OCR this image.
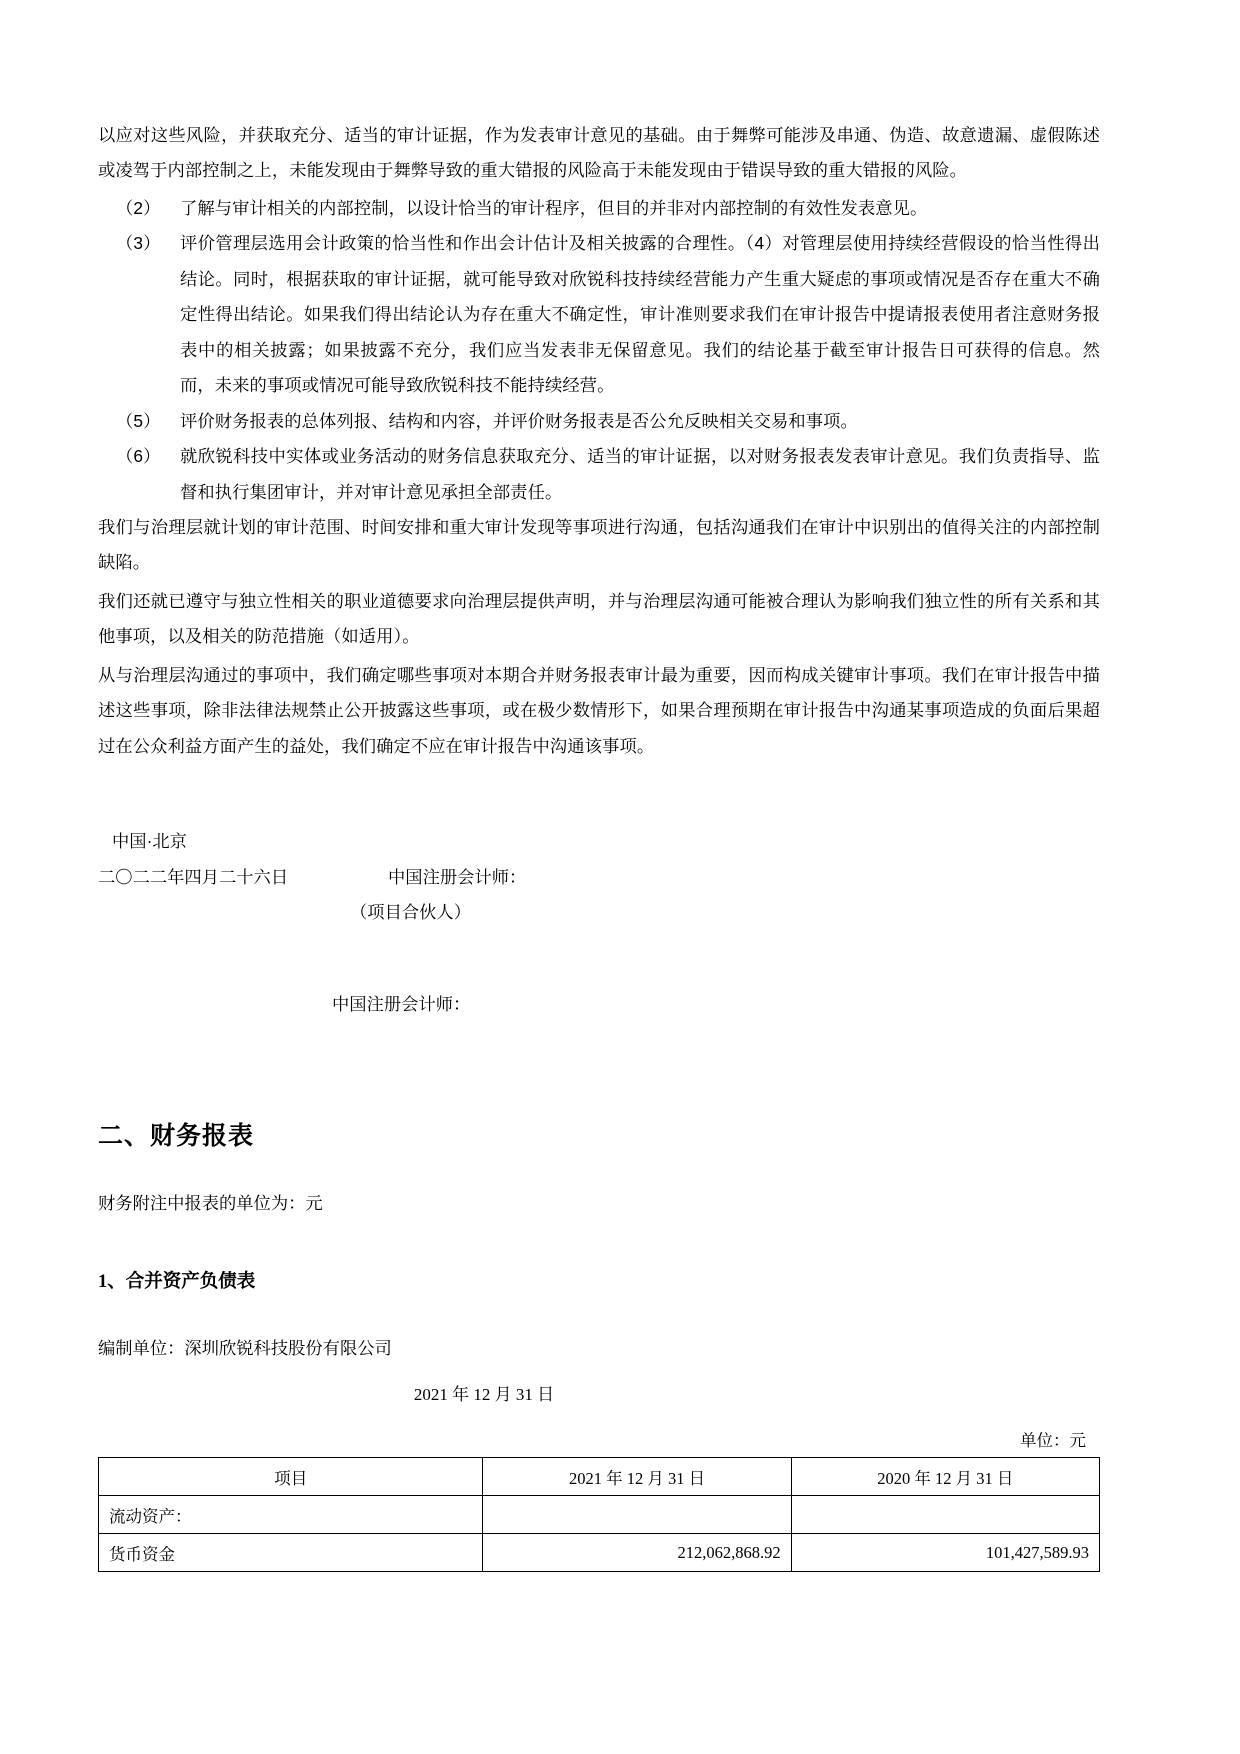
以应对这些风险，并获取充分、适当的审计证据，作为发表审计意见的基础。由于舞弊可能涉及串通、伪造、故意遗漏、虚假陈述或凌驾于内部控制之上，未能发现由于舞弊导致的重大错报的风险高于未能发现由于错误导致的重大错报的风险。

（2）	了解与审计相关的内部控制，以设计恰当的审计程序，但目的并非对内部控制的有效性发表意见。
（3）	评价管理层选用会计政策的恰当性和作出会计估计及相关披露的合理性。（4）对管理层使用持续经营假设的恰当性得出结论。同时，根据获取的审计证据，就可能导致对欣锐科技持续经营能力产生重大疑虑的事项或情况是否存在重大不确定性得出结论。如果我们得出结论认为存在重大不确定性，审计准则要求我们在审计报告中提请报表使用者注意财务报表中的相关披露；如果披露不充分，我们应当发表非无保留意见。我们的结论基于截至审计报告日可获得的信息。然而，未来的事项或情况可能导致欣锐科技不能持续经营。
（5）	评价财务报表的总体列报、结构和内容，并评价财务报表是否公允反映相关交易和事项。
（6）	就欣锐科技中实体或业务活动的财务信息获取充分、适当的审计证据，以对财务报表发表审计意见。我们负责指导、监督和执行集团审计，并对审计意见承担全部责任。

我们与治理层就计划的审计范围、时间安排和重大审计发现等事项进行沟通，包括沟通我们在审计中识别出的值得关注的内部控制缺陷。

我们还就已遵守与独立性相关的职业道德要求向治理层提供声明，并与治理层沟通可能被合理认为影响我们独立性的所有关系和其他事项，以及相关的防范措施（如适用）。

从与治理层沟通过的事项中，我们确定哪些事项对本期合并财务报表审计最为重要，因而构成关键审计事项。我们在审计报告中描述这些事项，除非法律法规禁止公开披露这些事项，或在极少数情形下，如果合理预期在审计报告中沟通某事项造成的负面后果超过在公众利益方面产生的益处，我们确定不应在审计报告中沟通该事项。

中国·北京
二〇二二年四月二十六日	中国注册会计师：
（项目合伙人）
中国注册会计师：
二、财务报表
财务附注中报表的单位为：元
1、合并资产负债表
编制单位：深圳欣锐科技股份有限公司
2021 年 12 月 31 日
单位：元
项目	2021 年 12 月 31 日	2020 年 12 月 31 日
流动资产：		
货币资金	212,062,868.92	101,427,589.93
